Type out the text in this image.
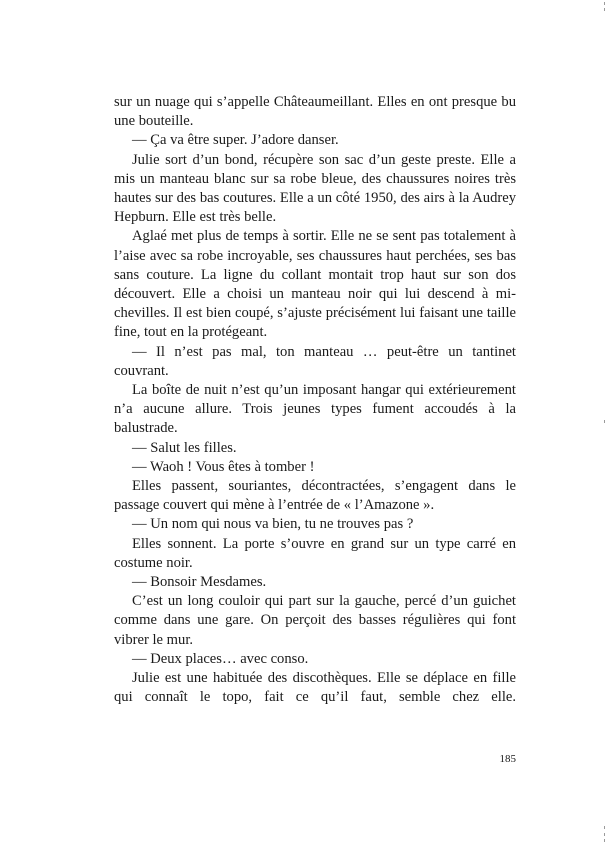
sur un nuage qui s’appelle Châteaumeillant. Elles en ont presque bu une bouteille.

— Ça va être super. J’adore danser.

Julie sort d’un bond, récupère son sac d’un geste preste. Elle a mis un manteau blanc sur sa robe bleue, des chaussures noires très hautes sur des bas coutures. Elle a un côté 1950, des airs à la Audrey Hepburn. Elle est très belle.

Aglaé met plus de temps à sortir. Elle ne se sent pas totalement à l’aise avec sa robe incroyable, ses chaussures haut perchées, ses bas sans couture. La ligne du collant montait trop haut sur son dos découvert. Elle a choisi un manteau noir qui lui descend à mi-chevilles. Il est bien coupé, s’ajuste précisément lui faisant une taille fine, tout en la protégeant.

— Il n’est pas mal, ton manteau … peut-être un tantinet couvrant.

La boîte de nuit n’est qu’un imposant hangar qui extérieurement n’a aucune allure. Trois jeunes types fument accoudés à la balustrade.

— Salut les filles.

— Waoh ! Vous êtes à tomber !

Elles passent, souriantes, décontractées, s’engagent dans le passage couvert qui mène à l’entrée de « l’Amazone ».

— Un nom qui nous va bien, tu ne trouves pas ?

Elles sonnent. La porte s’ouvre en grand sur un type carré en costume noir.

— Bonsoir Mesdames.

C’est un long couloir qui part sur la gauche, percé d’un guichet comme dans une gare. On perçoit des basses régulières qui font vibrer le mur.

— Deux places… avec conso.

Julie est une habituée des discothèques. Elle se déplace en fille qui connaît le topo, fait ce qu’il faut, semble chez elle.

185
